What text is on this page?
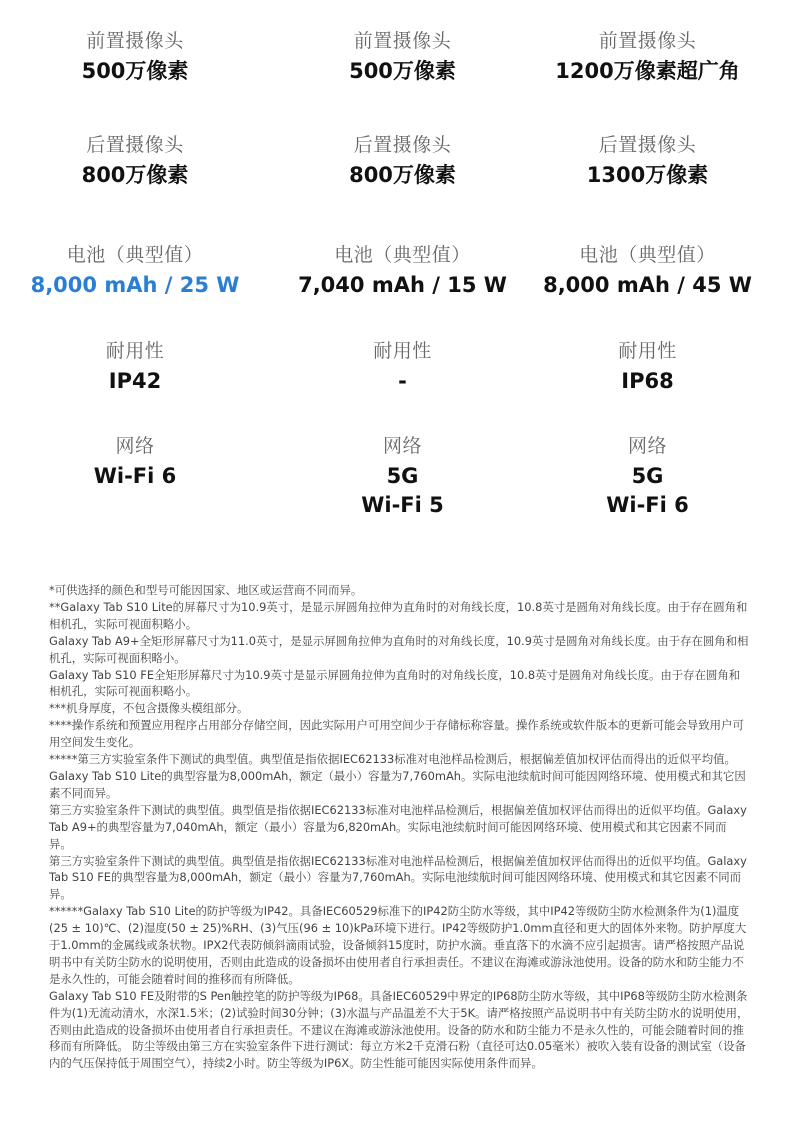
前置摄像头
500万像素
前置摄像头
500万像素
前置摄像头
1200万像素超广角
后置摄像头
800万像素
后置摄像头
800万像素
后置摄像头
1300万像素
电池（典型值）
8,000 mAh / 25 W
电池（典型值）
7,040 mAh / 15 W
电池（典型值）
8,000 mAh / 45 W
耐用性
IP42
耐用性
-
耐用性
IP68
网络
Wi-Fi 6
网络
5G
Wi-Fi 5
网络
5G
Wi-Fi 6

*可供选择的颜色和型号可能因国家、地区或运营商不同而异。

**Galaxy Tab S10 Lite的屏幕尺寸为10.9英寸，是显示屏圆角拉伸为直角时的对角线长度，10.8英寸是圆角对角线长度。由于存在圆角和相机孔，实际可视面积略小。

Galaxy Tab A9+全矩形屏幕尺寸为11.0英寸，是显示屏圆角拉伸为直角时的对角线长度，10.9英寸是圆角对角线长度。由于存在圆角和相机孔，实际可视面积略小。

Galaxy Tab S10 FE全矩形屏幕尺寸为10.9英寸是显示屏圆角拉伸为直角时的对角线长度，10.8英寸是圆角对角线长度。由于存在圆角和相机孔，实际可视面积略小。

***机身厚度，不包含摄像头模组部分。

****操作系统和预置应用程序占用部分存储空间，因此实际用户可用空间少于存储标称容量。操作系统或软件版本的更新可能会导致用户可用空间发生变化。

*****第三方实验室条件下测试的典型值。典型值是指依据IEC62133标准对电池样品检测后，根据偏差值加权评估而得出的近似平均值。Galaxy Tab S10 Lite的典型容量为8,000mAh，额定（最小）容量为7,760mAh。实际电池续航时间可能因网络环境、使用模式和其它因素不同而异。

第三方实验室条件下测试的典型值。典型值是指依据IEC62133标准对电池样品检测后，根据偏差值加权评估而得出的近似平均值。Galaxy Tab A9+的典型容量为7,040mAh，额定（最小）容量为6,820mAh。实际电池续航时间可能因网络环境、使用模式和其它因素不同而异。

第三方实验室条件下测试的典型值。典型值是指依据IEC62133标准对电池样品检测后，根据偏差值加权评估而得出的近似平均值。Galaxy Tab S10 FE的典型容量为8,000mAh，额定（最小）容量为7,760mAh。实际电池续航时间可能因网络环境、使用模式和其它因素不同而异。

******Galaxy Tab S10 Lite的防护等级为IP42。具备IEC60529标准下的IP42防尘防水等级，其中IP42等级防尘防水检测条件为(1)温度(25 ± 10)℃、(2)湿度(50 ± 25)%RH、(3)气压(96 ± 10)kPa环境下进行。IP42等级防护1.0mm直径和更大的固体外来物。防护厚度大于1.0mm的金属线或条状物。IPX2代表防倾斜滴雨试验，设备倾斜15度时，防护水滴。垂直落下的水滴不应引起损害。请严格按照产品说明书中有关防尘防水的说明使用，否则由此造成的设备损坏由使用者自行承担责任。不建议在海滩或游泳池使用。设备的防水和防尘能力不是永久性的，可能会随着时间的推移而有所降低。

Galaxy Tab S10 FE及附带的S Pen触控笔的防护等级为IP68。具备IEC60529中界定的IP68防尘防水等级，其中IP68等级防尘防水检测条件为(1)无流动清水，水深1.5米；(2)试验时间30分钟；(3)水温与产品温差不大于5K。请严格按照产品说明书中有关防尘防水的说明使用，否则由此造成的设备损坏由使用者自行承担责任。不建议在海滩或游泳池使用。设备的防水和防尘能力不是永久性的，可能会随着时间的推移而有所降低。 防尘等级由第三方在实验室条件下进行测试：每立方米2千克滑石粉（直径可达0.05毫米）被吹入装有设备的测试室（设备内的气压保持低于周围空气），持续2小时。防尘等级为IP6X。防尘性能可能因实际使用条件而异。
